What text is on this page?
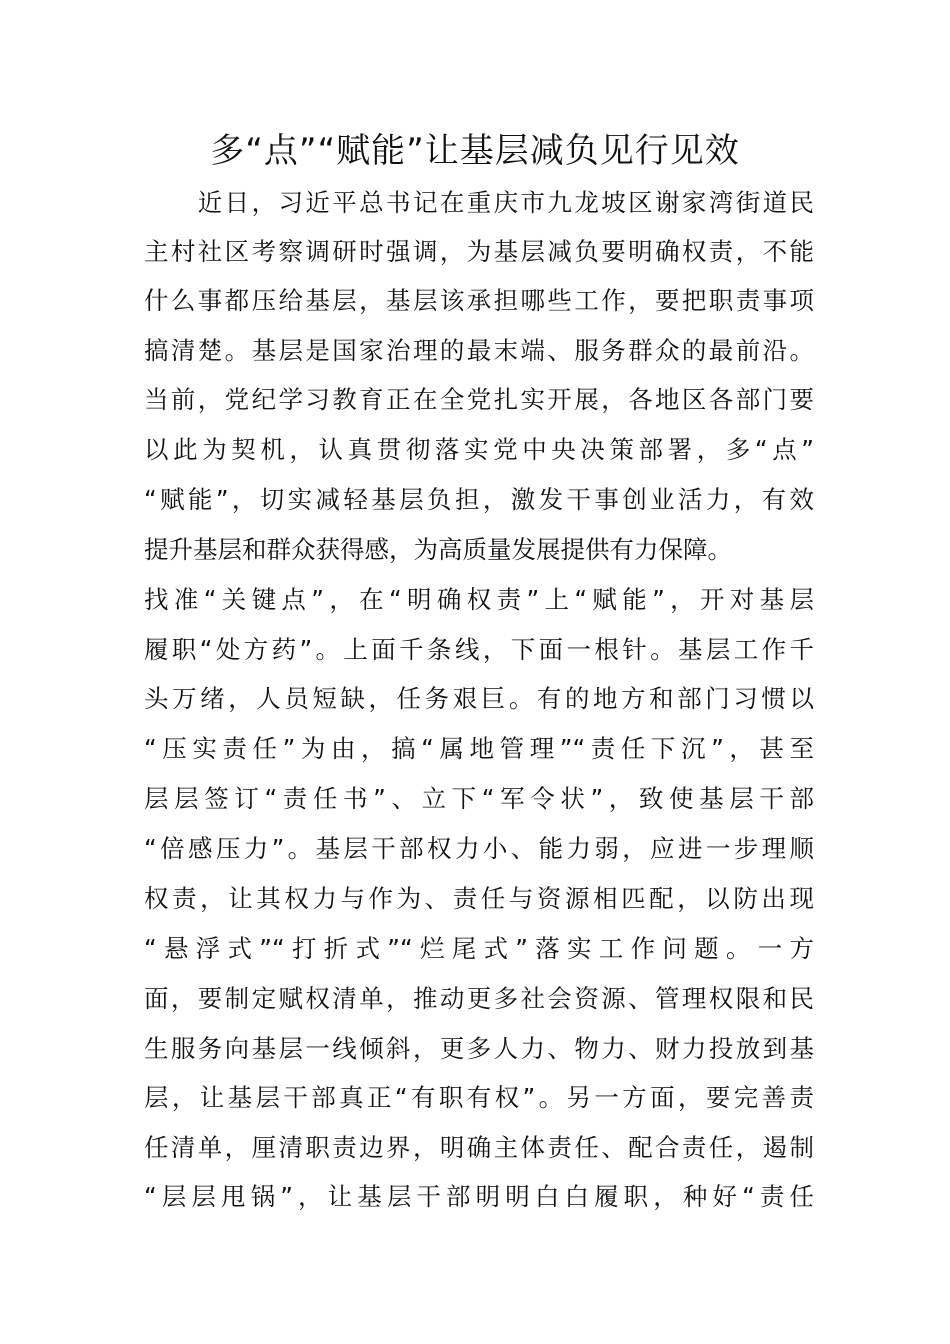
多“点”“赋能”让基层减负见行见效
　　近日，习近平总书记在重庆市九龙坡区谢家湾街道民
主村社区考察调研时强调，为基层减负要明确权责，不能
什么事都压给基层，基层该承担哪些工作，要把职责事项
搞清楚。基层是国家治理的最末端、服务群众的最前沿。
当前，党纪学习教育正在全党扎实开展，各地区各部门要
以此为契机，认真贯彻落实党中央决策部署，多“点”
“赋能”，切实减轻基层负担，激发干事创业活力，有效
提升基层和群众获得感，为高质量发展提供有力保障。
找准“关键点”，在“明确权责”上“赋能”，开对基层
履职“处方药”。上面千条线，下面一根针。基层工作千
头万绪，人员短缺，任务艰巨。有的地方和部门习惯以
“压实责任”为由，搞“属地管理”“责任下沉”，甚至
层层签订“责任书”、立下“军令状”，致使基层干部
“倍感压力”。基层干部权力小、能力弱，应进一步理顺
权责，让其权力与作为、责任与资源相匹配，以防出现
“悬浮式”“打折式”“烂尾式”落实工作问题。一方
面，要制定赋权清单，推动更多社会资源、管理权限和民
生服务向基层一线倾斜，更多人力、物力、财力投放到基
层，让基层干部真正“有职有权”。另一方面，要完善责
任清单，厘清职责边界，明确主体责任、配合责任，遏制
“层层甩锅”，让基层干部明明白白履职，种好“责任
